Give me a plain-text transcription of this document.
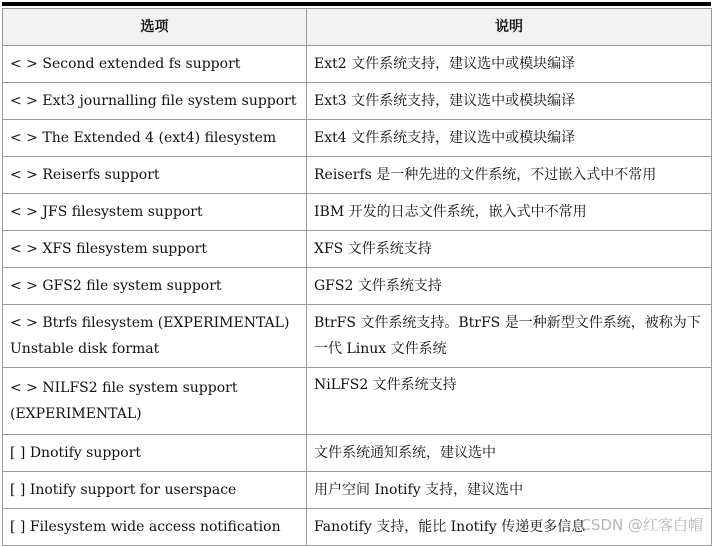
选项	说明
< > Second extended fs support	Ext2 文件系统支持，建议选中或模块编译
< > Ext3 journalling file system support	Ext3 文件系统支持，建议选中或模块编译
< > The Extended 4 (ext4) filesystem	Ext4 文件系统支持，建议选中或模块编译
< > Reiserfs support	Reiserfs 是一种先进的文件系统，不过嵌入式中不常用
< > JFS filesystem support	IBM 开发的日志文件系统，嵌入式中不常用
< > XFS filesystem support	XFS 文件系统支持
< > GFS2 file system support	GFS2 文件系统支持
< > Btrfs filesystem (EXPERIMENTAL) Unstable disk format	BtrFS 文件系统支持。BtrFS 是一种新型文件系统，被称为下一代 Linux 文件系统
< > NILFS2 file system support (EXPERIMENTAL)	NiLFS2 文件系统支持
[ ] Dnotify support	文件系统通知系统，建议选中
[ ] Inotify support for userspace	用户空间 Inotify 支持，建议选中
[ ] Filesystem wide access notification	Fanotify 支持，能比 Inotify 传递更多信息
CSDN @红客白帽
